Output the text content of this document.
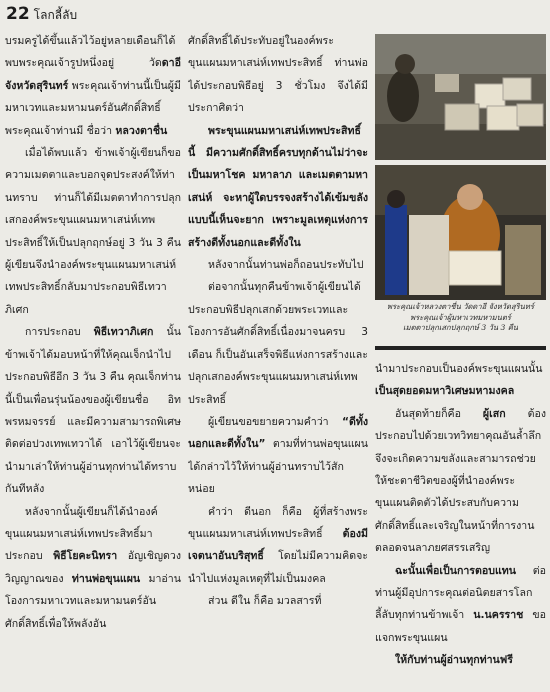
22 โลกลี้ลับ

บรมครูได้ขึ้นแล้วไว้อยู่หลายเดือนก็ได้พบพระคุณเจ้ารูปหนึ่งอยู่ วัดดาอี จังหวัดสุรินทร์ พระคุณเจ้าท่านนี้เป็นผู้มีมหาเวทและมหามนตร์อันศักดิ์สิทธิ์ พระคุณเจ้าท่านมี ชื่อว่า หลวงตาชื่น

เมื่อได้พบแล้ว ข้าพเจ้าผู้เขียนก็ขอความเมตตาและบอกจุดประสงค์ให้ท่านทราบ ท่านก็ได้มีเมตตาทำการปลุกเสกองค์พระขุนแผนมหาเสน่ห์เทพประสิทธิ์ให้เป็นปลุกฤกษ์อยู่ 3 วัน 3 คืน ผู้เขียนจึงนำองค์พระขุนแผนมหาเสน่ห์เทพประสิทธิ์กลับมาประกอบพิธีเทวาภิเศก

การประกอบ พิธีเทวาภิเศก นั้น ข้าพเจ้าได้มอบหน้าที่ให้คุณเจ็กนำไปประกอบพิธีอีก 3 วัน 3 คืน คุณเจ็กท่านนี้เป็นเพื่อนรุ่นน้องของผู้เขียนชื่อ อิทพรหมจรรย์ และมีความสามารถพิเศษติดต่อปวงเทพเทวาได้ เอาไว้ผู้เขียนจะนำมาเล่าให้ท่านผู้อ่านทุกท่านได้ทราบกันทีหลัง

หลังจากนั้นผู้เขียนก็ได้นำองค์ขุนแผนมหาเสน่ห์เทพประสิทธิ์มาประกอบ พิธีโยคะนิทรา อัญเชิญดวงวิญญาณของ ท่านพ่อขุนแผน มาอ่านโองการมหาเวทและมหามนตร์อันศักดิ์สิทธิ์เพื่อให้พลังอัน

ศักดิ์สิทธิ์ได้ประทับอยู่ในองค์พระขุนแผนมหาเสน่ห์เทพประสิทธิ์ ท่านพ่อได้ประกอบพิธีอยู่ 3 ชั่วโมง จึงได้มีประกาศิตว่า

พระขุนแผนมหาเสน่ห์เทพประสิทธิ์นี้ มีความศักดิ์สิทธิ์ครบทุกด้านไม่ว่าจะเป็นมหาโชค มหาลาภ และเมตตามหาเสน่ห์ จะหาผู้ใดบรรจงสร้างได้เข้มขลังแบบนี้เห็นจะยาก เพราะมูลเหตุแห่งการสร้างดีทั้งนอกและดีทั้งใน

หลังจากนั้นท่านพ่อก็ถอนประทับไป

ต่อจากนั้นทุกคืนข้าพเจ้าผู้เขียนได้ประกอบพิธีปลุกเสกด้วยพระเวทและโองการอันศักดิ์สิทธิ์เนื่องมาจนครบ 3 เดือน ก็เป็นอันเสร็จพิธีแห่งการสร้างและปลุกเสกองค์พระขุนแผนมหาเสน่ห์เทพประสิทธิ์

ผู้เขียนขอขยายความคำว่า “ดีทั้งนอกและดีทั้งใน” ตามที่ท่านพ่อขุนแผนได้กล่าวไว้ให้ท่านผู้อ่านทราบไว้สักหน่อย

คำว่า ดีนอก ก็คือ ผู้ที่สร้างพระขุนแผนมหาเสน่ห์เทพประสิทธิ์ ต้องมีเจตนาอันบริสุทธิ์ โดยไม่มีความคิดจะนำไปแห่งมูลเหตุที่ไม่เป็นมงคล

ส่วน ดีใน ก็คือ มวลสารที่

พระคุณเจ้าหลวงตาชื่น วัดดาอี จังหวัดสุรินทร์
พระคุณเจ้าผู้มหาเวทมหามนตร์
เมตตาปลุกเสกปลุกฤกษ์ 3 วัน 3 คืน

นำมาประกอบเป็นองค์พระขุนแผนนั้น เป็นสุดยอดมหาวิเศษมหามงคล

อันสุดท้ายก็คือ ผู้เสก ต้องประกอบไปด้วยเวทวิทยาคุณอันล้ำลึก จึงจะเกิดความขลังและสามารถช่วยให้ชะตาชีวิตของผู้ที่นำองค์พระขุนแผนติดตัวได้ประสบกับความศักดิ์สิทธิ์และเจริญในหน้าที่การงานตลอดจนลาภยศสรรเสริญ

ฉะนั้นเพื่อเป็นการตอบแทน ต่อท่านผู้มีอุปการะคุณต่อนิตยสารโลกลี้ลับทุกท่านข้าพเจ้า น.นครราช ขอแจกพระขุนแผน

ให้กับท่านผู้อ่านทุกท่านฟรี
